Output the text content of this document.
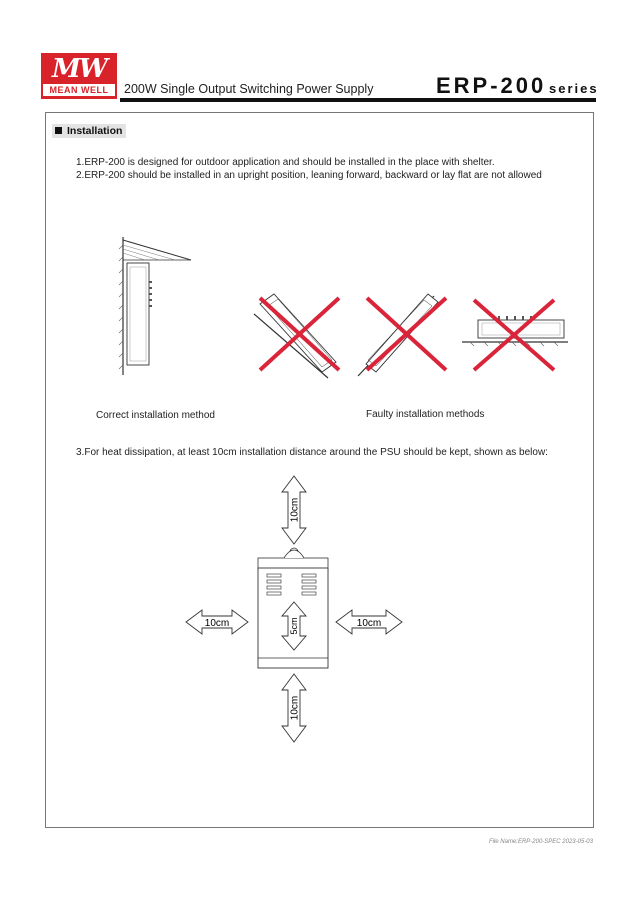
MW
MEAN WELL	200W Single Output Switching Power Supply	ERP-200 series
Installation
1.ERP-200 is designed for outdoor application and should be installed in the place with shelter.
2.ERP-200 should be installed in an upright position, leaning forward, backward or lay flat are not allowed
Correct installation method	Faulty installation methods
3.For heat dissipation, at least 10cm installation distance around the PSU should be kept, shown as below:
10cm
10cm
5cm
10cm	10cm
File Name:ERP-200-SPEC 2023-05-03
